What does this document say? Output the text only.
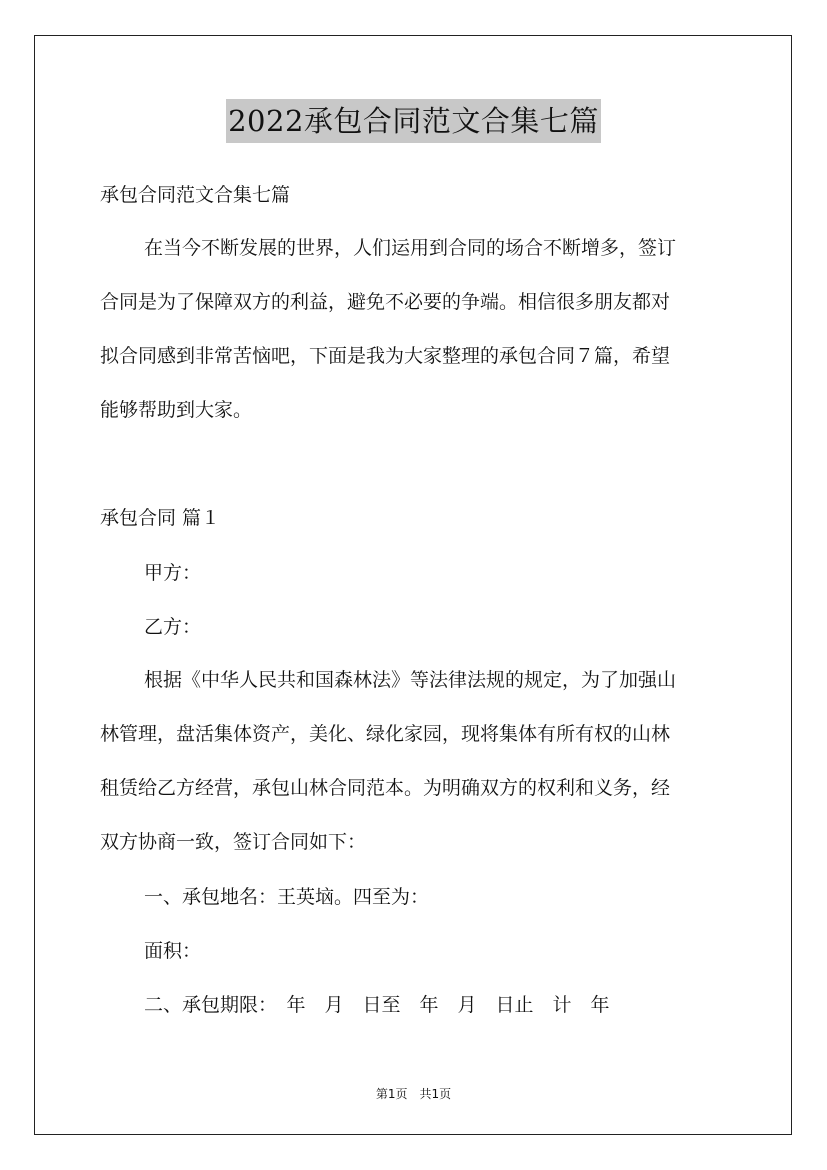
2022承包合同范文合集七篇
承包合同范文合集七篇
在当今不断发展的世界，人们运用到合同的场合不断增多，签订
合同是为了保障双方的利益，避免不必要的争端。相信很多朋友都对
拟合同感到非常苦恼吧，下面是我为大家整理的承包合同７篇，希望
能够帮助到大家。
承包合同 篇１
甲方：
乙方：
根据《中华人民共和国森林法》等法律法规的规定，为了加强山
林管理，盘活集体资产，美化、绿化家园，现将集体有所有权的山林
租赁给乙方经营，承包山林合同范本。为明确双方的权利和义务，经
双方协商一致，签订合同如下：
一、承包地名：王英垴。四至为：
面积：
二、承包期限：　年　月　日至　年　月　日止　计　年
第1页　共1页
